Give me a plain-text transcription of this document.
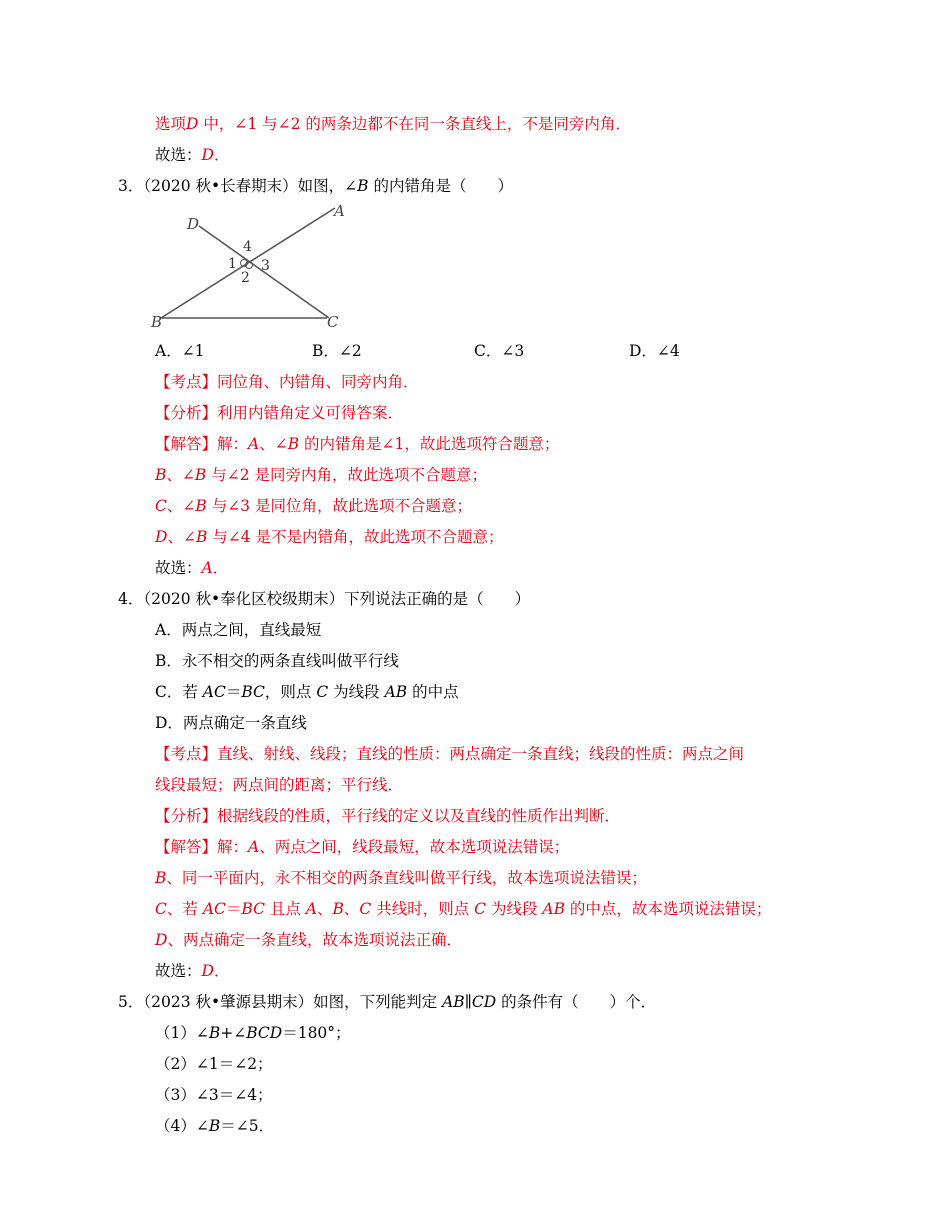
选项D 中，∠1 与∠2 的两条边都不在同一条直线上，不是同旁内角．
故选：D．
3．（2020 秋•长春期末）如图，∠B 的内错角是（　　）
D
A
B	C
1
2
3
4
A．∠1	B．∠2	C．∠3	D．∠4
【考点】同位角、内错角、同旁内角．
【分析】利用内错角定义可得答案．
【解答】解：A、∠B 的内错角是∠1，故此选项符合题意；
B、∠B 与∠2 是同旁内角，故此选项不合题意；
C、∠B 与∠3 是同位角，故此选项不合题意；
D、∠B 与∠4 是不是内错角，故此选项不合题意；
故选：A．
4．（2020 秋•奉化区校级期末）下列说法正确的是（　　）
A．两点之间，直线最短
B．永不相交的两条直线叫做平行线
C．若 AC＝BC，则点 C 为线段 AB 的中点
D．两点确定一条直线
【考点】直线、射线、线段；直线的性质：两点确定一条直线；线段的性质：两点之间
线段最短；两点间的距离；平行线．
【分析】根据线段的性质，平行线的定义以及直线的性质作出判断．
【解答】解：A、两点之间，线段最短，故本选项说法错误；
B、同一平面内，永不相交的两条直线叫做平行线，故本选项说法错误；
C、若 AC＝BC 且点 A、B、C 共线时，则点 C 为线段 AB 的中点，故本选项说法错误；
D、两点确定一条直线，故本选项说法正确．
故选：D．
5．（2023 秋•肇源县期末）如图，下列能判定 AB∥CD 的条件有（　　）个．
（1）∠B+∠BCD＝180°；
（2）∠1＝∠2；
（3）∠3＝∠4；
（4）∠B＝∠5．
